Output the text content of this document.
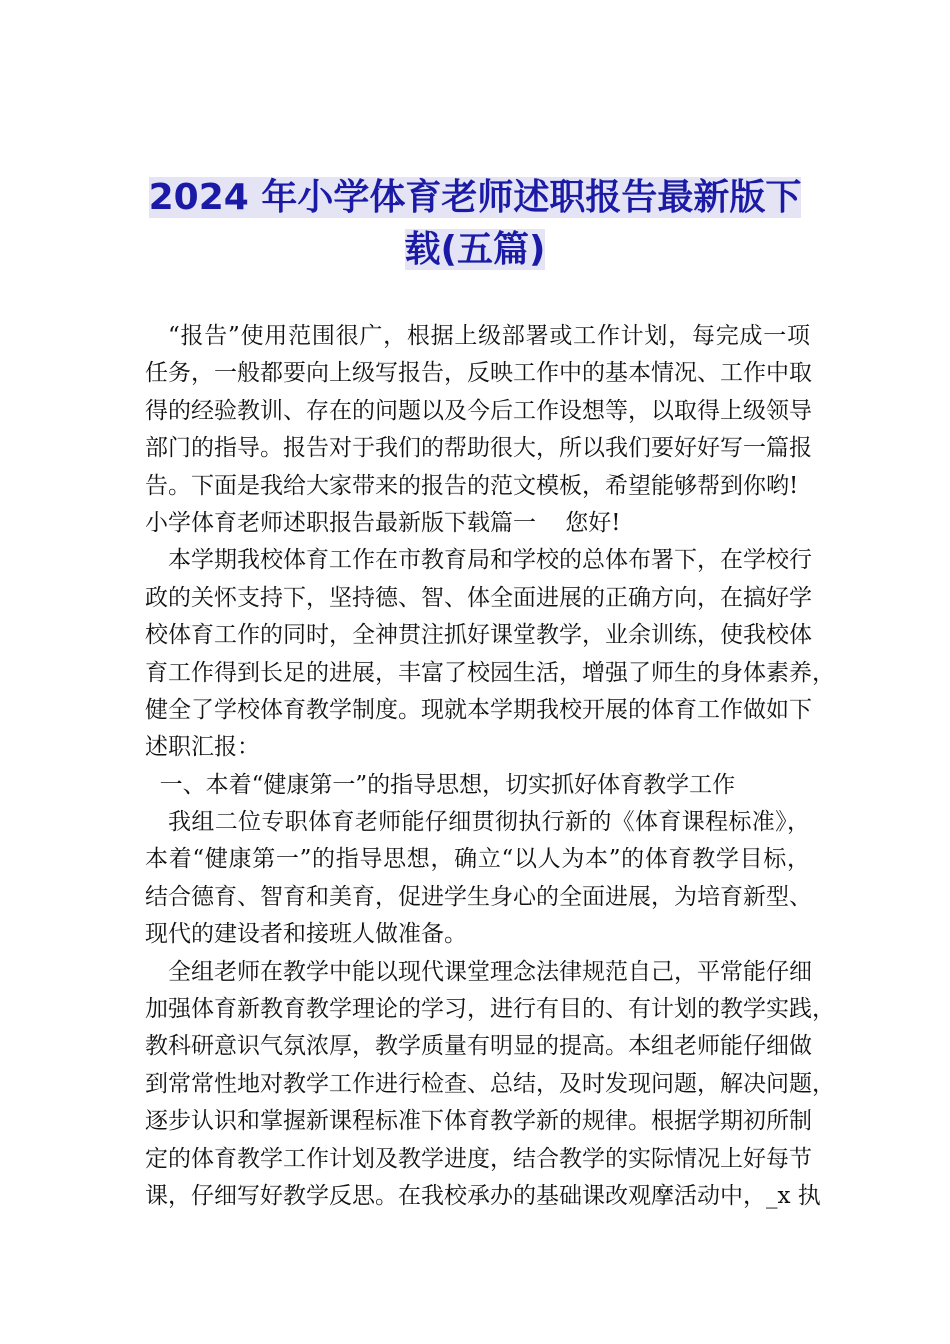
2024 年小学体育老师述职报告最新版下
载(五篇)
“报告”使用范围很广，根据上级部署或工作计划，每完成一项
任务，一般都要向上级写报告，反映工作中的基本情况、工作中取
得的经验教训、存在的问题以及今后工作设想等，以取得上级领导
部门的指导。报告对于我们的帮助很大，所以我们要好好写一篇报
告。下面是我给大家带来的报告的范文模板，希望能够帮到你哟!
小学体育老师述职报告最新版下载篇一    您好!
本学期我校体育工作在市教育局和学校的总体布署下，在学校行
政的关怀支持下，坚持德、智、体全面进展的正确方向，在搞好学
校体育工作的同时，全神贯注抓好课堂教学，业余训练，使我校体
育工作得到长足的进展，丰富了校园生活，增强了师生的身体素养，
健全了学校体育教学制度。现就本学期我校开展的体育工作做如下
述职汇报：
一、本着“健康第一”的指导思想，切实抓好体育教学工作
我组二位专职体育老师能仔细贯彻执行新的《体育课程标准》，
本着“健康第一”的指导思想，确立“以人为本”的体育教学目标，
结合德育、智育和美育，促进学生身心的全面进展，为培育新型、
现代的建设者和接班人做准备。
全组老师在教学中能以现代课堂理念法律规范自己，平常能仔细
加强体育新教育教学理论的学习，进行有目的、有计划的教学实践，
教科研意识气氛浓厚，教学质量有明显的提高。本组老师能仔细做
到常常性地对教学工作进行检查、总结，及时发现问题，解决问题，
逐步认识和掌握新课程标准下体育教学新的规律。根据学期初所制
定的体育教学工作计划及教学进度，结合教学的实际情况上好每节
课，仔细写好教学反思。在我校承办的基础课改观摩活动中，_x 执
